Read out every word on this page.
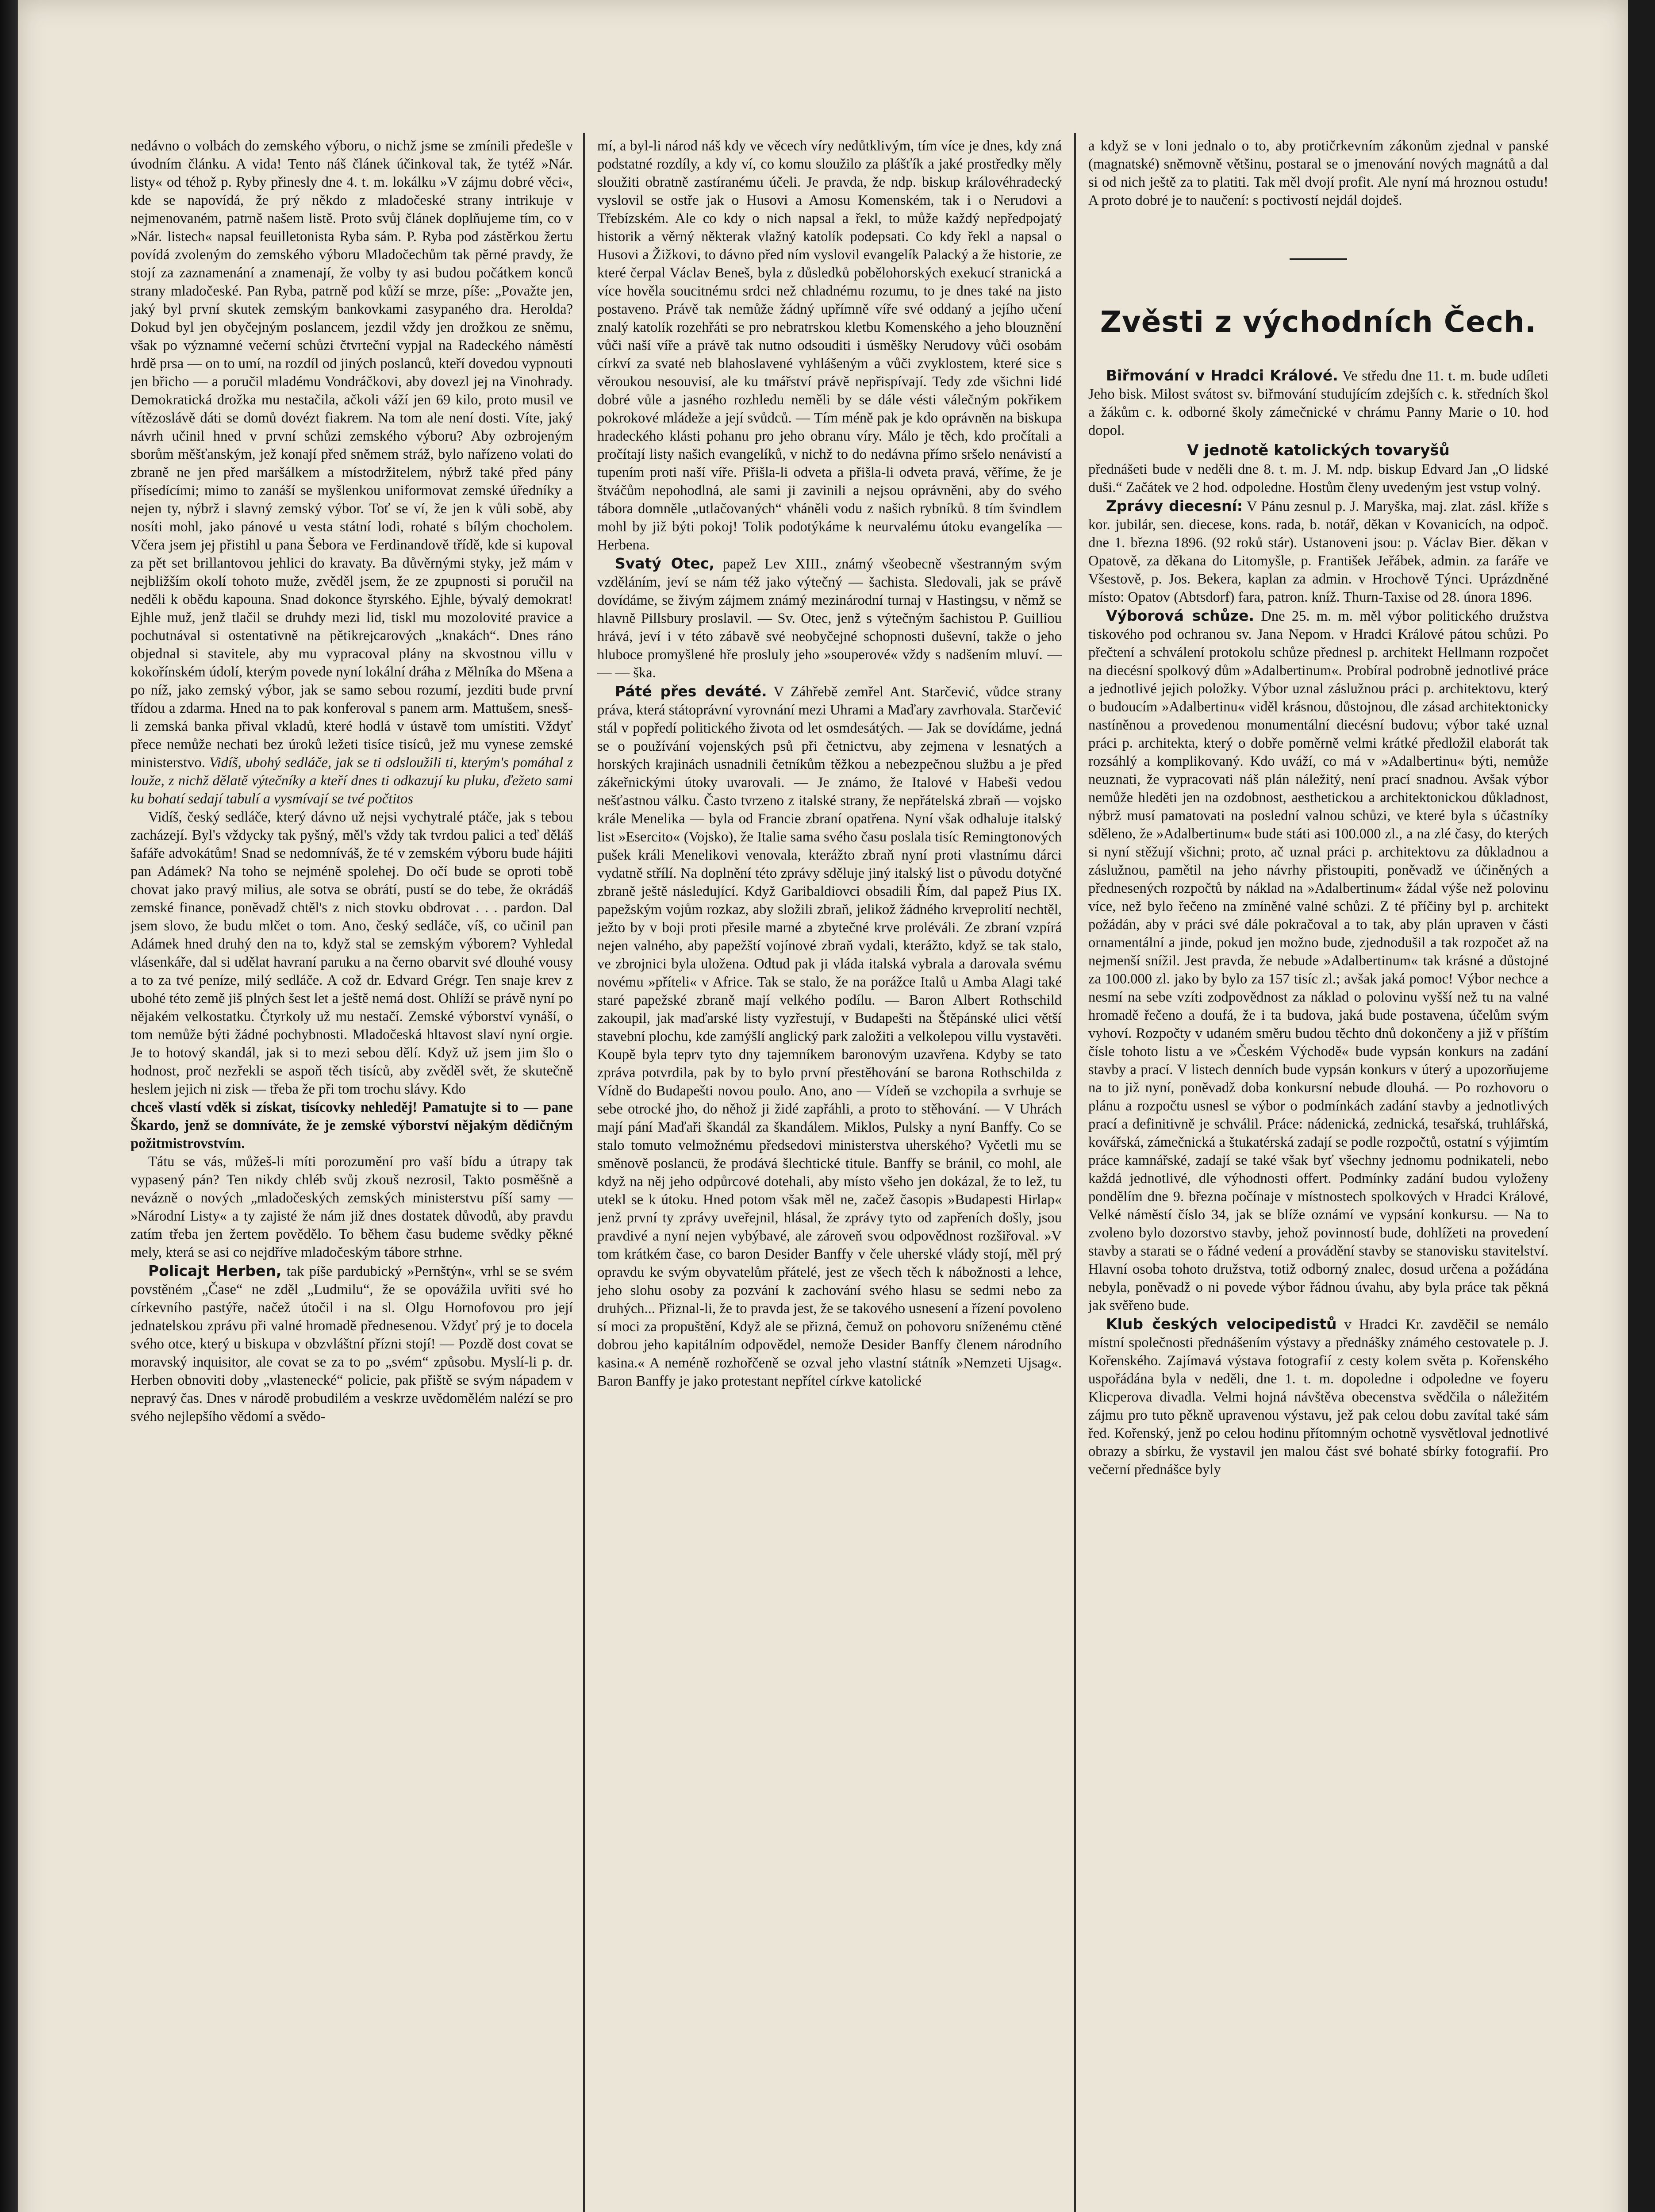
nedávno o volbách do zemského výboru, o nichž jsme se zmínili předešle v úvodním článku. A vida! Tento náš článek účinkoval tak, že tytéž »Nár. listy« od téhož p. Ryby přinesly dne 4. t. m. lokálku »V zájmu dobré věci«, kde se napovídá, že prý někdo z mladočeské strany intrikuje v nejmenovaném, patrně našem listě. Proto svůj článek doplňujeme tím, co v »Nár. listech« napsal feuilletonista Ryba sám. P. Ryba pod zástěrkou žertu povídá zvoleným do zemského výboru Mladočechům tak pěrné pravdy, že stojí za zaznamenání a znamenají, že volby ty asi budou počátkem konců strany mladočeské. Pan Ryba, patrně pod kůží se mrze, píše: „Považte jen, jaký byl první skutek zemským bankovkami zasypaného dra. Herolda? Dokud byl jen obyčejným poslancem, jezdil vždy jen drožkou ze sněmu, však po významné večerní schůzi čtvrteční vypjal na Radeckého náměstí hrdě prsa — on to umí, na rozdíl od jiných poslanců, kteří dovedou vypnouti jen břicho — a poručil mladému Vondráčkovi, aby dovezl jej na Vinohrady. Demokratická drožka mu nestačila, ačkoli váží jen 69 kilo, proto musil ve vítězoslávě dáti se domů dovézt fiakrem. Na tom ale není dosti. Víte, jaký návrh učinil hned v první schůzi zemského výboru? Aby ozbrojeným sborům měšťanským, jež konají před sněmem stráž, bylo nařízeno volati do zbraně ne jen před maršálkem a místodržitelem, nýbrž také před pány přísedícími; mimo to zanáší se myšlenkou uniformovat zemské úředníky a nejen ty, nýbrž i slavný zemský výbor. Toť se ví, že jen k vůli sobě, aby nosíti mohl, jako pánové u vesta státní lodi, rohaté s bílým chocholem. Včera jsem jej přistihl u pana Šebora ve Ferdinandově třídě, kde si kupoval za pět set brillantovou jehlici do kravaty. Ba důvěrnými styky, jež mám v nejbližším okolí tohoto muže, zvěděl jsem, že ze zpupnosti si poručil na neděli k obědu kapouna. Snad dokonce štyrského. Ejhle, bývalý demokrat! Ejhle muž, jenž tlačil se druhdy mezi lid, tiskl mu mozolovité pravice a pochutnával si ostentativně na pětikrejcarových „knakách“. Dnes ráno objednal si stavitele, aby mu vypracoval plány na skvostnou villu v kokořínském údolí, kterým povede nyní lokální dráha z Mělníka do Mšena a po níž, jako zemský výbor, jak se samo sebou rozumí, jezditi bude první třídou a zdarma. Hned na to pak konferoval s panem arm. Mattušem, snesš-li zemská banka přival vkladů, které hodlá v ústavě tom umístiti. Vždyť přece nemůže nechati bez úroků ležeti tisíce tisíců, jež mu vynese zemské ministerstvo. Vidíš, ubohý sedláče, jak se ti odsloužili ti, kterým's pomáhal z louže, z nichž dělatě výtečníky a kteří dnes ti odkazují ku pluku, ďežeto sami ku bohatí sedají tabulí a vysmívají se tvé počtitos

Vidíš, český sedláče, který dávno už nejsi vychytralé ptáče, jak s tebou zacházejí. Byl's vždycky tak pyšný, měl's vždy tak tvrdou palici a teď děláš šafáře advokátům! Snad se nedomníváš, že té v zemském výboru bude hájiti pan Adámek? Na toho se nejméně spolehej. Do očí bude se oproti tobě chovat jako pravý milius, ale sotva se obrátí, pustí se do tebe, že okrádáš zemské finance, poněvadž chtěl's z nich stovku obdrovat . . . pardon. Dal jsem slovo, že budu mlčet o tom. Ano, český sedláče, víš, co učinil pan Adámek hned druhý den na to, když stal se zemským výborem? Vyhledal vlásenkáře, dal si udělat havraní paruku a na černo obarvit své dlouhé vousy a to za tvé peníze, milý sedláče. A což dr. Edvard Grégr. Ten snaje krev z ubohé této země jiš plných šest let a ještě nemá dost. Ohlíží se právě nyní po nějakém velkostatku. Čtyrkoly už mu nestačí. Zemské výborství vynáší, o tom nemůže býti žádné pochybnosti. Mladočeská hltavost slaví nyní orgie. Je to hotový skandál, jak si to mezi sebou dělí. Když už jsem jim šlo o hodnost, proč nezřekli se aspoň těch tisíců, aby zvěděl svět, že skutečně heslem jejich ni zisk — třeba že při tom trochu slávy. Kdo

chceš vlastí vděk si získat, tisícovky nehleděj! Pamatujte si to — pane Škardo, jenž se domníváte, že je zemské výborství nějakým dědičným požitmistrovstvím.

Tátu se vás, můžeš-li míti porozumění pro vaší bídu a útrapy tak vypasený pán? Ten nikdy chléb svůj zkouš nezrosil, Takto posměšně a nevázně o nových „mladočeských zemských ministerstvu píší samy — »Národní Listy« a ty zajisté že nám již dnes dostatek důvodů, aby pravdu zatím třeba jen žertem povědělo. To během času budeme svědky pěkné mely, která se asi co nejdříve mladočeským tábore strhne.

Policajt Herben, tak píše pardubický »Pernštýn«, vrhl se se svém povstěném „Čase“ ne zděl „Ludmilu“, že se opovážila uvřiti své ho církevního pastýře, načež útočil i na sl. Olgu Hornofovou pro její jednatelskou zprávu při valné hromadě přednesenou. Vždyť prý je to docela svého otce, který u biskupa v obzvláštní přízni stojí! — Pozdě dost covat se moravský inquisitor, ale covat se za to po „svém“ způsobu. Myslí-li p. dr. Herben obnoviti doby „vlastenecké“ policie, pak přiště se svým nápadem v nepravý čas. Dnes v národě probudilém a veskrze uvědomělém nalézí se pro svého nejlepšího vědomí a svědo-

mí, a byl-li národ náš kdy ve věcech víry nedůtklivým, tím více je dnes, kdy zná podstatné rozdíly, a kdy ví, co komu sloužilo za plášťík a jaké prostředky měly sloužiti obratně zastíranému účeli. Je pravda, že ndp. biskup královéhradecký vyslovil se ostře jak o Husovi a Amosu Komenském, tak i o Nerudovi a Třebízském. Ale co kdy o nich napsal a řekl, to může každý nepředpojatý historik a věrný některak vlažný katolík podepsati. Co kdy řekl a napsal o Husovi a Žižkovi, to dávno před ním vyslovil evangelík Palacký a že historie, ze které čerpal Václav Beneš, byla z důsledků pobělohorských exekucí stranická a více hověla soucitnému srdci než chladnému rozumu, to je dnes také na jisto postaveno. Právě tak nemůže žádný upřímně víře své oddaný a jejího učení znalý katolík rozehřáti se pro nebratrskou kletbu Komenského a jeho blouznění vůči naší víře a právě tak nutno odsouditi i úsměšky Nerudovy vůči osobám církví za svaté neb blahoslavené vyhlášeným a vůči zvyklostem, které sice s věroukou nesouvisí, ale ku tmářství právě nepřispívají. Tedy zde všichni lidé dobré vůle a jasného rozhledu neměli by se dále vésti válečným pokřikem pokrokové mládeže a její svůdců. — Tím méně pak je kdo oprávněn na biskupa hradeckého klásti pohanu pro jeho obranu víry. Málo je těch, kdo pročítali a pročítají listy našich evangelíků, v nichž to do nedávna přímo sršelo nenávistí a tupením proti naší víře. Přišla-li odveta a přišla-li odveta pravá, věříme, že je štváčům nepohodlná, ale sami ji zavinili a nejsou oprávněni, aby do svého tábora domněle „utlačovaných“ vháněli vodu z našich rybníků. 8 tím švindlem mohl by již býti pokoj! Tolik podotýkáme k neurvalému útoku evangelíka — Herbena.

Svatý Otec, papež Lev XIII., známý všeobecně všestranným svým vzděláním, jeví se nám též jako výtečný — šachista. Sledovali, jak se právě dovídáme, se živým zájmem známý mezinárodní turnaj v Hastingsu, v němž se hlavně Pillsbury proslavil. — Sv. Otec, jenž s výtečným šachistou P. Guilliou hrává, jeví i v této zábavě své neobyčejné schopnosti duševní, takže o jeho hluboce promyšlené hře prosluly jeho »souperové« vždy s nadšením mluví. — — — ška.

Páté přes deváté. V Záhřebě zemřel Ant. Starčević, vůdce strany práva, která státoprávní vyrovnání mezi Uhrami a Maďary zavrhovala. Starčević stál v popředí politického života od let osmdesátých. — Jak se dovídáme, jedná se o používání vojenských psů při četnictvu, aby zejmena v lesnatých a horských krajinách usnadnili četníkům těžkou a nebezpečnou službu a je před zákeřnickými útoky uvarovali. — Je známo, že Italové v Habeši vedou nešťastnou válku. Často tvrzeno z italské strany, že nepřátelská zbraň — vojsko krále Menelika — byla od Francie zbraní opatřena. Nyní však odhaluje italský list »Esercito« (Vojsko), že Italie sama svého času poslala tisíc Remingtonových pušek králi Menelikovi venovala, kterážto zbraň nyní proti vlastnímu dárci vydatně střílí. Na doplnění této zprávy sděluje jiný italský list o původu dotyčné zbraně ještě následující. Když Garibaldiovci obsadili Řím, dal papež Pius IX. papežským vojům rozkaz, aby složili zbraň, jelikož žádného krveprolití nechtěl, ježto by v boji proti přesile marné a zbytečné krve proléváli. Ze zbraní vzpírá nejen valného, aby papežští vojínové zbraň vydali, kterážto, když se tak stalo, ve zbrojnici byla uložena. Odtud pak ji vláda italská vybrala a darovala svému novému »příteli« v Africe. Tak se stalo, že na porážce Italů u Amba Alagi také staré papežské zbraně mají velkého podílu. — Baron Albert Rothschild zakoupil, jak maďarské listy vyzřestují, v Budapešti na Štěpánské ulici větší stavební plochu, kde zamýšlí anglický park založiti a velkolepou villu vystavěti. Koupě byla teprv tyto dny tajemníkem baronovým uzavřena. Kdyby se tato zpráva potvrdila, pak by to bylo první přestěhování se barona Rothschilda z Vídně do Budapešti novou poulo. Ano, ano — Vídeň se vzchopila a svrhuje se sebe otrocké jho, do něhož ji židé zapřáhli, a proto to stěhování. — V Uhrách mají pání Maďaři škandál za škandálem. Miklos, Pulsky a nyní Banffy. Co se stalo tomuto velmožnému předsedovi ministerstva uherského? Vyčetli mu se směnově poslancü, že prodává šlechtické titule. Banffy se bránil, co mohl, ale když na něj jeho odpůrcové dotehali, aby místo všeho jen dokázal, že to lež, tu utekl se k útoku. Hned potom však měl ne, začež časopis »Budapesti Hirlap« jenž první ty zprávy uveřejnil, hlásal, že zprávy tyto od zapřeních došly, jsou pravdivé a nyní nejen vybýbavé, ale zároveň svou odpovědnost rozšiřoval. »V tom krátkém čase, co baron Desider Banffy v čele uherské vlády stojí, měl prý opravdu ke svým obyvatelům přátelé, jest ze všech těch k nábožnosti a lehce, jeho slohu osoby za pozvání k zachování svého hlasu se sedmi nebo za druhých... Přiznal-li, že to pravda jest, že se takového usnesení a řízení povoleno sí moci za propuštění, Když ale se přizná, čemuž on pohovoru sníženému ctěné dobrou jeho kapitálním odpovědel, nemože Desider Banffy členem národního kasina.« A neméně rozhořčeně se ozval jeho vlastní státník »Nemzeti Ujsag«. Baron Banffy je jako protestant nepřítel církve katolické

a když se v loni jednalo o to, aby protičrkevním zákonům zjednal v panské (magnatské) sněmovně většinu, postaral se o jmenování nových magnátů a dal si od nich ještě za to platiti. Tak měl dvojí profit. Ale nyní má hroznou ostudu! A proto dobré je to naučení: s poctivostí nejdál dojdeš.

Zvěsti z východních Čech.

Biřmování v Hradci Králové. Ve středu dne 11. t. m. bude udíleti Jeho bisk. Milost svátost sv. biřmování studujícím zdejších c. k. středních škol a žákům c. k. odborné školy zámečnické v chrámu Panny Marie o 10. hod dopol.

V jednotě katolických tovaryšů

přednášeti bude v neděli dne 8. t. m. J. M. ndp. biskup Edvard Jan „O lidské duši.“ Začátek ve 2 hod. odpoledne. Hostům členy uvedeným jest vstup volný.

Zprávy diecesní: V Pánu zesnul p. J. Maryška, maj. zlat. zásl. kříže s kor. jubilár, sen. diecese, kons. rada, b. notář, děkan v Kovanicích, na odpoč. dne 1. března 1896. (92 roků stár). Ustanoveni jsou: p. Václav Bier. děkan v Opatově, za děkana do Litomyšle, p. František Jeřábek, admin. za faráře ve Všestově, p. Jos. Bekera, kaplan za admin. v Hrochově Týnci. Uprázdněné místo: Opatov (Abtsdorf) fara, patron. kníž. Thurn-Taxise od 28. února 1896.

Výborová schůze. Dne 25. m. m. měl výbor politického družstva tiskového pod ochranou sv. Jana Nepom. v Hradci Králové pátou schůzi. Po přečtení a schválení protokolu schůze přednesl p. architekt Hellmann rozpočet na diecésní spolkový dům »Adalbertinum«. Probíral podrobně jednotlivé práce a jednotlivé jejich položky. Výbor uznal záslužnou práci p. architektovu, který o budoucím »Adalbertinu« viděl krásnou, důstojnou, dle zásad architektonicky nastíněnou a provedenou monumentální diecésní budovu; výbor také uznal práci p. architekta, který o dobře poměrně velmi krátké předložil elaborát tak rozsáhlý a komplikovaný. Kdo uváží, co má v »Adalbertinu« býti, nemůže neuznati, že vypracovati náš plán náležitý, není prací snadnou. Avšak výbor nemůže hleděti jen na ozdobnost, aesthetickou a architektonickou důkladnost, nýbrž musí pamatovati na poslední valnou schůzi, ve které byla s účastníky sděleno, že »Adalbertinum« bude státi asi 100.000 zl., a na zlé časy, do kterých si nyní stěžují všichni; proto, ač uznal práci p. architektovu za důkladnou a záslužnou, pamětil na jeho návrhy přistoupiti, poněvadž ve účiněných a přednesených rozpočtů by náklad na »Adalbertinum« žádal výše než polovinu více, než bylo řečeno na zmíněné valné schůzi. Z té příčiny byl p. architekt požádán, aby v práci své dále pokračoval a to tak, aby plán upraven v části ornamentální a jinde, pokud jen možno bude, zjednodušil a tak rozpočet až na nejmenší snížil. Jest pravda, že nebude »Adalbertinum« tak krásné a důstojné za 100.000 zl. jako by bylo za 157 tisíc zl.; avšak jaká pomoc! Výbor nechce a nesmí na sebe vzíti zodpovědnost za náklad o polovinu vyšší než tu na valné hromadě řečeno a doufá, že i ta budova, jaká bude postavena, účelům svým vyhoví. Rozpočty v udaném směru budou těchto dnů dokončeny a již v příštím čísle tohoto listu a ve »Českém Východě« bude vypsán konkurs na zadání stavby a prací. V listech denních bude vypsán konkurs v úterý a upozorňujeme na to již nyní, poněvadž doba konkursní nebude dlouhá. — Po rozhovoru o plánu a rozpočtu usnesl se výbor o podmínkách zadání stavby a jednotlivých prací a definitivně je schválil. Práce: nádenická, zednická, tesařská, truhlářská, kovářská, zámečnická a štukatérská zadají se podle rozpočtů, ostatní s výjimtím práce kamnářské, zadají se také však byť všechny jednomu podnikateli, nebo každá jednotlivé, dle výhodnosti offert. Podmínky zadání budou vyloženy pondělím dne 9. března počínaje v místnostech spolkových v Hradci Králové, Velké náměstí číslo 34, jak se blíže oznámí ve vypsání konkursu. — Na to zvoleno bylo dozorstvo stavby, jehož povinností bude, dohlížeti na provedení stavby a starati se o řádné vedení a provádění stavby se stanovisku stavitelství. Hlavní osoba tohoto družstva, totiž odborný znalec, dosud určena a požádána nebyla, poněvadž o ni povede výbor řádnou úvahu, aby byla práce tak pěkná jak svěřeno bude.

Klub českých velocipedistů v Hradci Kr. zavděčil se nemálo místní společnosti přednášením výstavy a přednášky známého cestovatele p. J. Kořenského. Zajímavá výstava fotografií z cesty kolem světa p. Kořenského uspořádána byla v neděli, dne 1. t. m. dopoledne i odpoledne ve foyeru Klicperova divadla. Velmi hojná návštěva obecenstva svědčila o náležitém zájmu pro tuto pěkně upravenou výstavu, jež pak celou dobu zavítal také sám řed. Kořenský, jenž po celou hodinu přítomným ochotně vysvětloval jednotlivé obrazy a sbírku, že vystavil jen malou část své bohaté sbírky fotografií. Pro večerní přednášce byly
